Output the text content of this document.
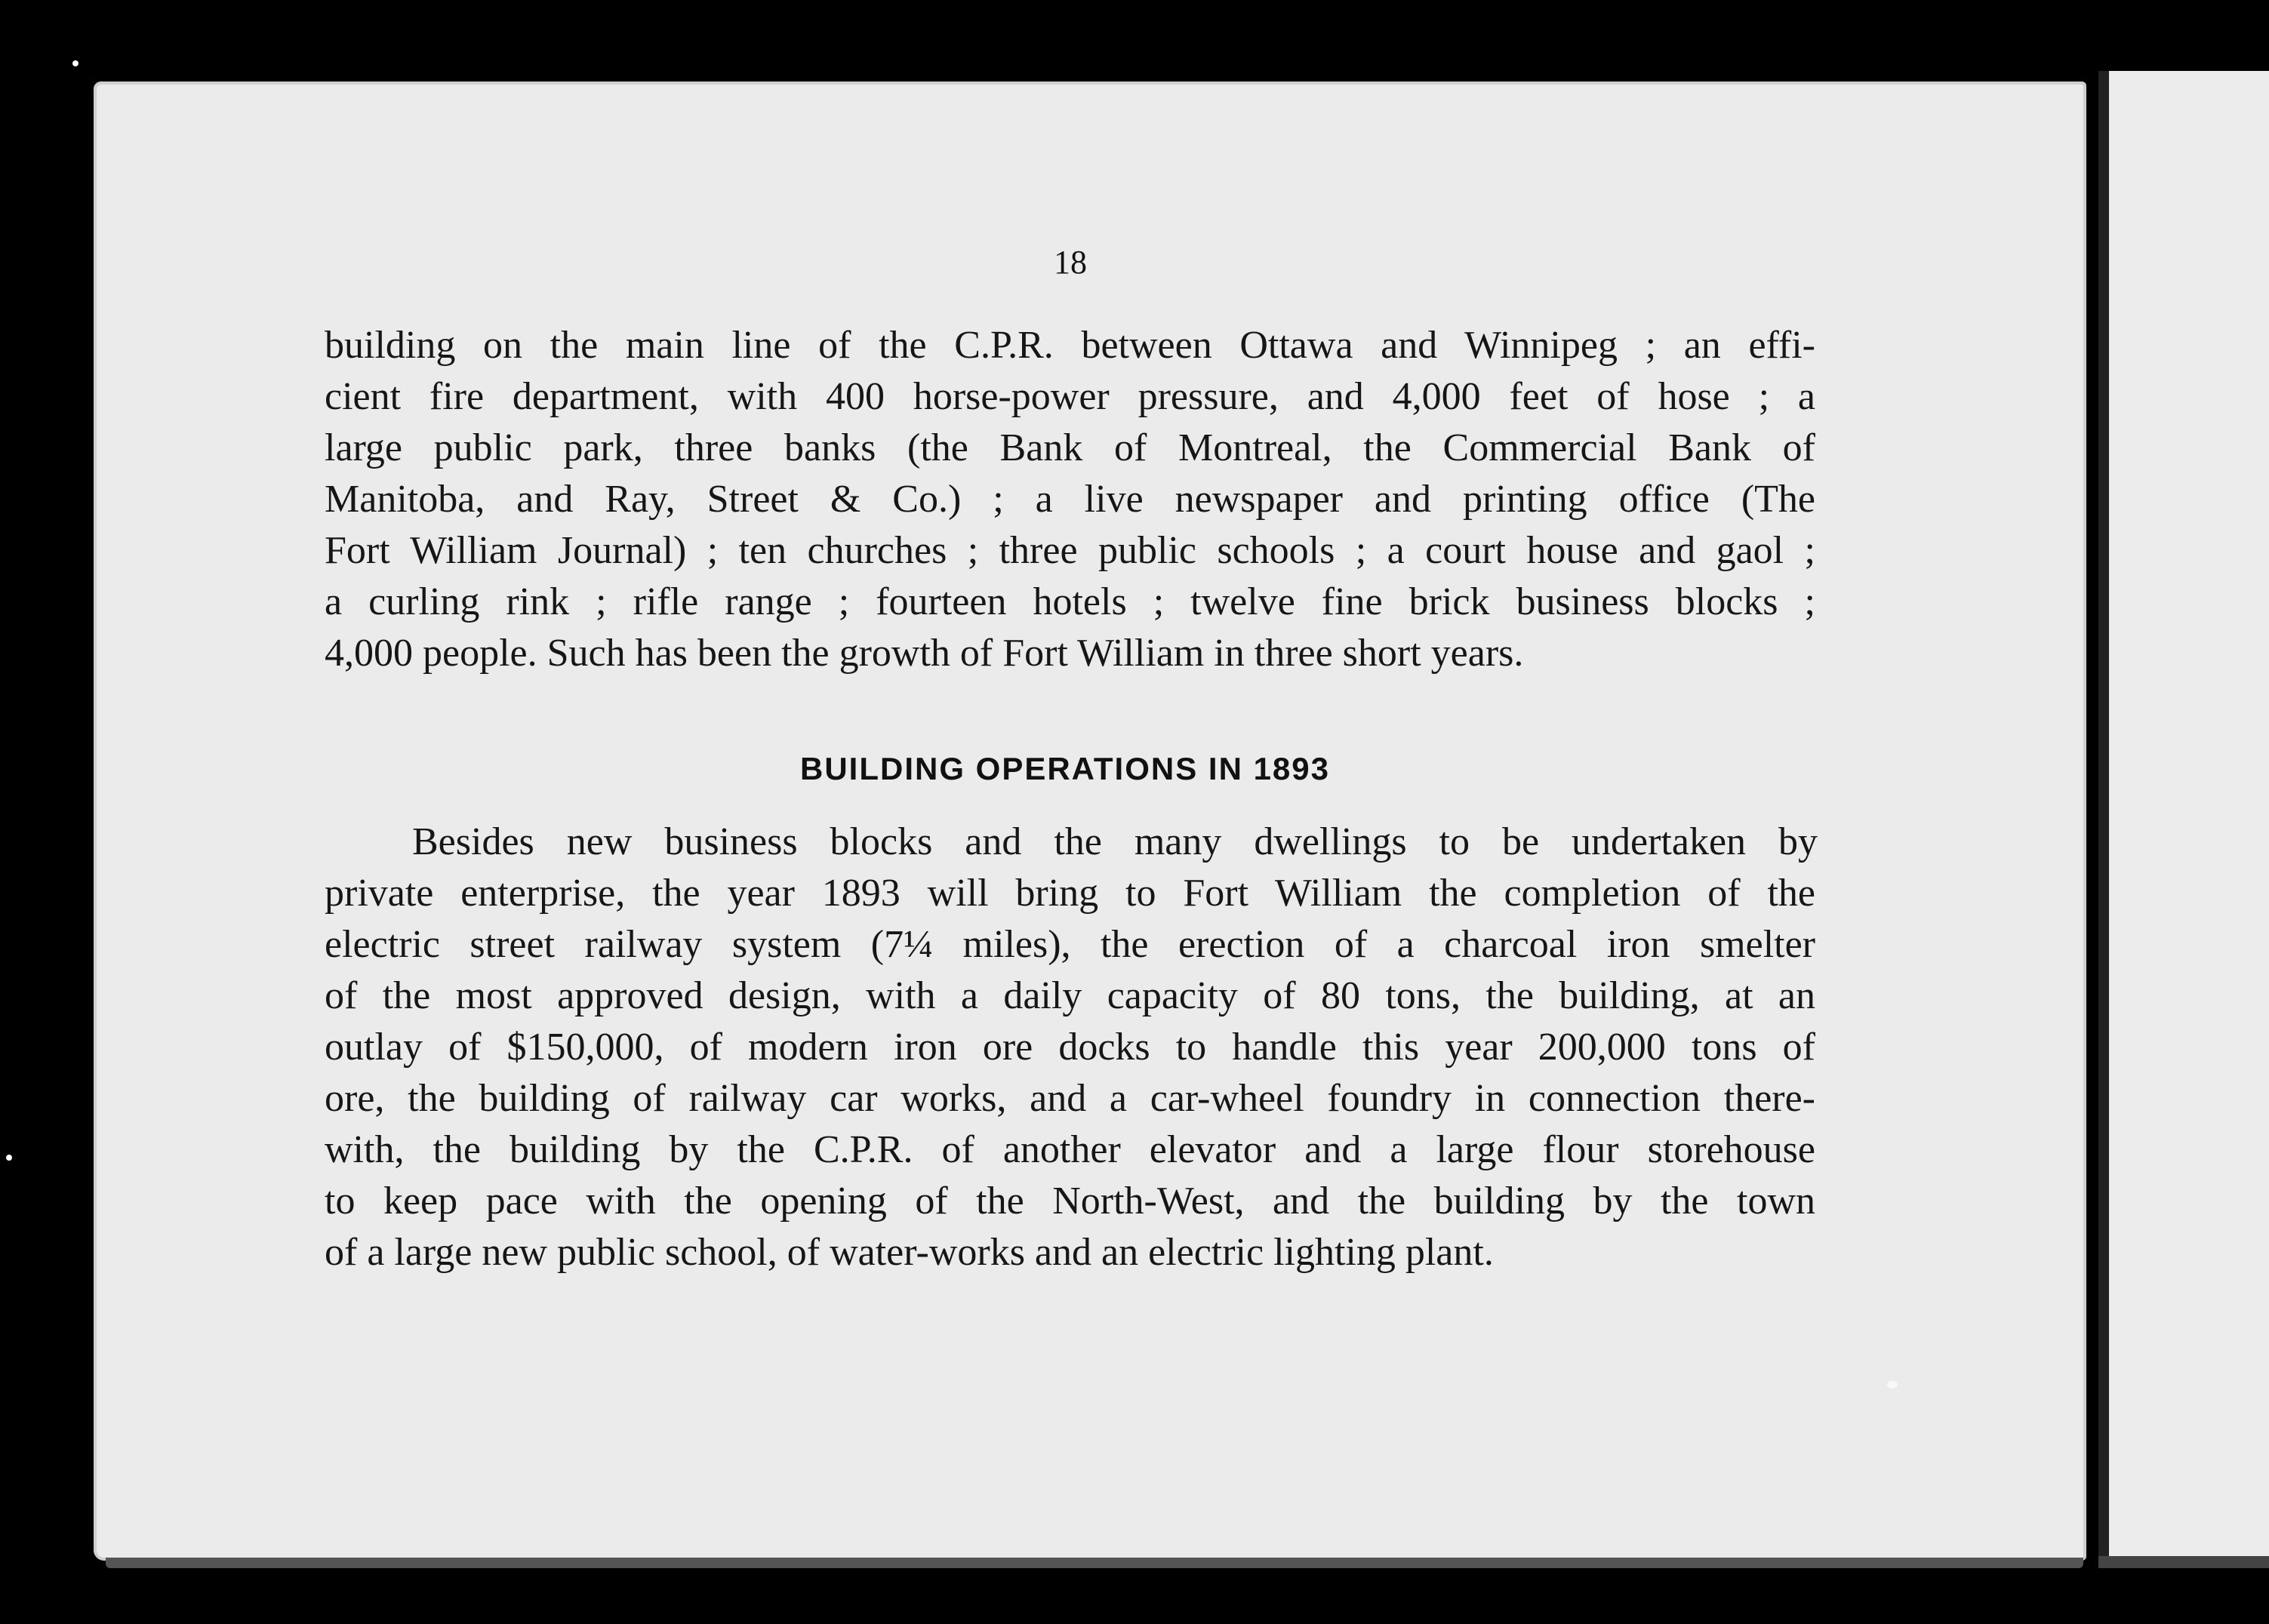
18
building on the main line of the C.P.R. between Ottawa and Winnipeg ; an effi-
cient fire department, with 400 horse-power pressure, and 4,000 feet of hose ; a
large public park, three banks (the Bank of Montreal, the Commercial Bank of
Manitoba, and Ray, Street & Co.) ; a live newspaper and printing office (The
Fort William Journal) ; ten churches ; three public schools ; a court house and gaol ;
a curling rink ; rifle range ; fourteen hotels ; twelve fine brick business blocks ;
4,000 people. Such has been the growth of Fort William in three short years.
BUILDING OPERATIONS IN 1893
Besides new business blocks and the many dwellings to be undertaken by
private enterprise, the year 1893 will bring to Fort William the completion of the
electric street railway system (7¼ miles), the erection of a charcoal iron smelter
of the most approved design, with a daily capacity of 80 tons, the building, at an
outlay of $150,000, of modern iron ore docks to handle this year 200,000 tons of
ore, the building of railway car works, and a car-wheel foundry in connection there-
with, the building by the C.P.R. of another elevator and a large flour storehouse
to keep pace with the opening of the North-West, and the building by the town
of a large new public school, of water-works and an electric lighting plant.
